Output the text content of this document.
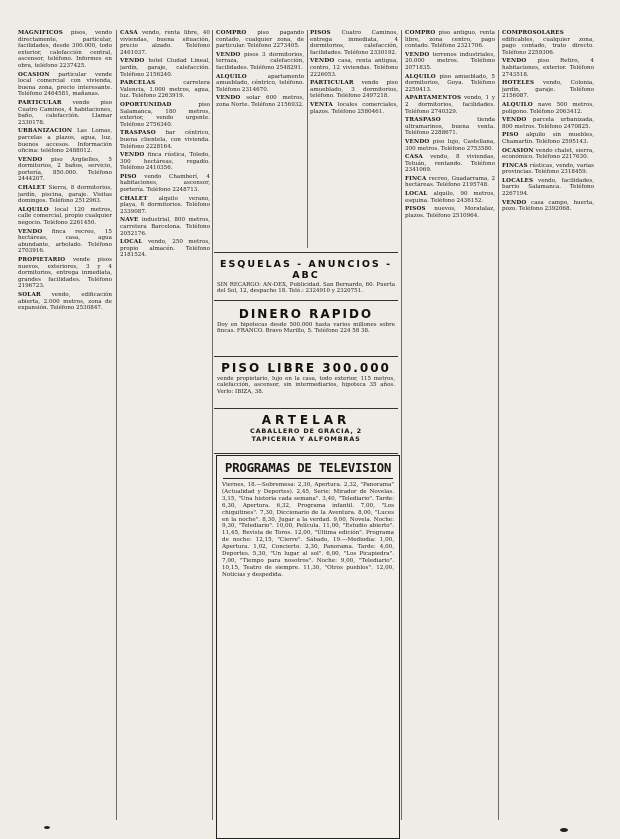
MAGNIFICOS pisos, vendo directamente, particular, facilidades, desde 300.000, todo exterior, calefacción central, ascensor, teléfono. Informes en obra, teléfono 2237425.

OCASION particular vende local comercial con vivienda, buena zona, precio interesante. Teléfono 2464581, mañanas.

PARTICULAR vende piso Cuatro Caminos, 4 habitaciones, baño, calefacción. Llamar 2330178.

URBANIZACION Las Lomas, parcelas a plazos, agua, luz, buenos accesos. Información oficina: teléfono 2488012.

VENDO piso Argüelles, 5 dormitorios, 2 baños, servicio, portería, 850.000. Teléfono 2444207.

CHALET Sierra, 8 dormitorios, jardín, piscina, garaje. Visitas domingos. Teléfono 2512963.

ALQUILO local 120 metros, calle comercial, propio cualquier negocio. Teléfono 2261450.

VENDO finca recreo, 15 hectáreas, casa, agua abundante, arbolado. Teléfono 2703916.

PROPIETARIO vende pisos nuevos, exteriores, 3 y 4 dormitorios, entrega inmediata, grandes facilidades. Teléfono 2196723.

SOLAR vendo, edificación abierta, 2.000 metros, zona de expansión. Teléfono 2530847.

CASA vendo, renta libre, 40 viviendas, buena situación, precio alzado. Teléfono 2461037.

VENDO hotel Ciudad Lineal, jardín, garaje, calefacción. Teléfono 2156240.

PARCELAS carretera Valencia, 1.000 metros, agua, luz. Teléfono 2263919.

OPORTUNIDAD piso Salamanca, 180 metros, exterior, vendo urgente. Teléfono 2756340.

TRASPASO bar céntrico, buena clientela, con vivienda. Teléfono 2228164.

VENDO finca rústica, Toledo, 300 hectáreas, regadío. Teléfono 2410356.

PISO vendo Chamberí, 4 habitaciones, ascensor, portería. Teléfono 2248713.

CHALET alquilo verano, playa, 6 dormitorios. Teléfono 2339087.

NAVE industrial, 800 metros, carretera Barcelona. Teléfono 2052176.

LOCAL vendo, 250 metros, propio almacén. Teléfono 2181524.

COMPRO piso pagando contado, cualquier zona, de particular. Teléfono 2273405.

VENDO pisos 3 dormitorios, terraza, calefacción, facilidades. Teléfono 2548291.

ALQUILO apartamento amueblado, céntrico, teléfono. Teléfono 2314670.

VENDO solar 600 metros, zona Norte. Teléfono 2156932.

PISOS Cuatro Caminos, entrega inmediata, 4 dormitorios, calefacción, facilidades. Teléfono 2330192.

VENDO casa, renta antigua, centro, 12 viviendas. Teléfono 2226053.

PARTICULAR vende piso amueblado, 3 dormitorios, teléfono. Teléfono 2497218.

VENTA locales comerciales, plazos. Teléfono 2580461.

ESQUELAS - ANUNCIOS - ABC
SIN RECARGO: AN-DEX, Publicidad. San Bernardo, 60. Puerta del Sol, 12, despacho 18. Telé.: 2324910 y 2320751.
DINERO RAPIDO
Doy en hipotecas desde 500.000 hasta varios millones sobre fincas. FRANCO. Bravo Murillo, 5. Teléfono 224 58 38.
PISO LIBRE 300.000
vende propietario, lujo en la casa, todo exterior, 115 metros, calefacción, ascensor, sin intermediarios, hipoteca 35 años. Verlo: IBIZA, 38.
ARTELAR
CABALLERO DE GRACIA, 2
TAPICERIA Y ALFOMBRAS
PROGRAMAS DE TELEVISION
Viernes, 18.—Sobremesa: 2,30, Apertura. 2,32, "Panorama" (Actualidad y Deportes). 2,45, Serie: Mirador de Novelas. 3,15, "Una historia cada semana". 3,40, "Telediario". Tarde: 6,30, Apertura. 6,32, Programa infantil. 7,00, "Los chiquitines". 7,30, Diccionario de la Aventura. 8,00, "Luces en la noche". 8,30, Jugar a la verdad. 9,00, Novela. Noche: 9,30, "Telediario". 10,00, Película. 11,00, "Estudio abierto". 11,45, Revista de Toros. 12,00, "Última edición". Programa de noche: 12,15, "Cierre". Sábado, 19.—Mediodía: 1,00, Apertura. 1,02, Concierto. 2,30, Panorama. Tarde: 4,00, Deportes. 5,30, "Un lugar al sol". 6,00, "Los Picapiedra". 7,00, "Tiempo para nosotros". Noche: 9,00, "Telediario". 10,15, Teatro de siempre. 11,30, "Otros pueblos". 12,00, Noticias y despedida.

COMPRO piso antiguo, renta libre, zona centro, pago contado. Teléfono 2321706.

VENDO terrenos industriales, 20.000 metros. Teléfono 2071835.

ALQUILO piso amueblado, 5 dormitorios, Goya. Teléfono 2259413.

APARTAMENTOS vendo, 1 y 2 dormitorios, facilidades. Teléfono 2740329.

TRASPASO tienda ultramarinos, buena venta. Teléfono 2288671.

VENDO piso lujo, Castellana, 300 metros. Teléfono 2753580.

CASA vendo, 8 viviendas, Tetuán, rentando. Teléfono 2341069.

FINCA recreo, Guadarrama, 2 hectáreas. Teléfono 2195748.

LOCAL alquilo, 90 metros, esquina. Teléfono 2436152.

PISOS nuevos, Moratalaz, plazos. Teléfono 2510964.

COMPROSOLARES edificables, cualquier zona, pago contado, trato directo. Teléfono 2259306.

VENDO piso Retiro, 4 habitaciones, exterior. Teléfono 2743518.

HOTELES vendo, Colonia, jardín, garaje. Teléfono 2156087.

ALQUILO nave 500 metros, polígono. Teléfono 2063412.

VENDO parcela urbanizada, 800 metros. Teléfono 2470825.

PISO alquilo sin muebles, Chamartín. Teléfono 2595143.

OCASION vendo chalet, sierra, económico. Teléfono 2217630.

FINCAS rústicas, vendo, varias provincias. Teléfono 2318459.

LOCALES vendo, facilidades, barrio Salamanca. Teléfono 2267194.

VENDO casa campo, huerta, pozo. Teléfono 2392068.
